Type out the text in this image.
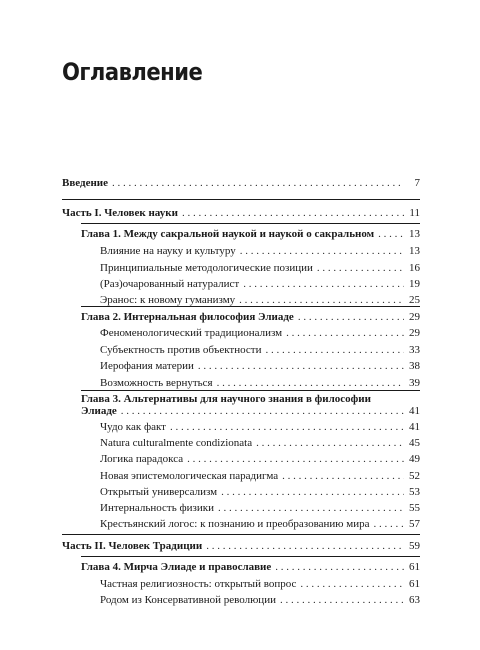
Оглавление
Введение . . .	7
Часть I. Человек науки . . .	11
Глава 1. Между сакральной наукой и наукой о сакральном . . .	13
Влияние на науку и культуру . . .	13
Принципиальные методологические позиции . . .	16
(Раз)очарованный натуралист . . .	19
Эранос: к новому гуманизму . . .	25
Глава 2. Интернальная философия Элиаде . . .	29
Феноменологический традиционализм . . .	29
Субъектность против объектности . . .	33
Иерофания материи . . .	38
Возможность вернуться . . .	39
Глава 3. Альтернативы для научного знания в философии
Элиаде . . .	41
Чудо как факт . . .	41
Natura culturalmente condizionata . . .	45
Логика парадокса . . .	49
Новая эпистемологическая парадигма . . .	52
Открытый универсализм . . .	53
Интернальность физики . . .	55
Крестьянский логос: к познанию и преобразованию мира . . .	57
Часть II. Человек Традиции . . .	59
Глава 4. Мирча Элиаде и православие . . .	61
Частная религиозность: открытый вопрос . . .	61
Родом из Консервативной революции . . .	63
